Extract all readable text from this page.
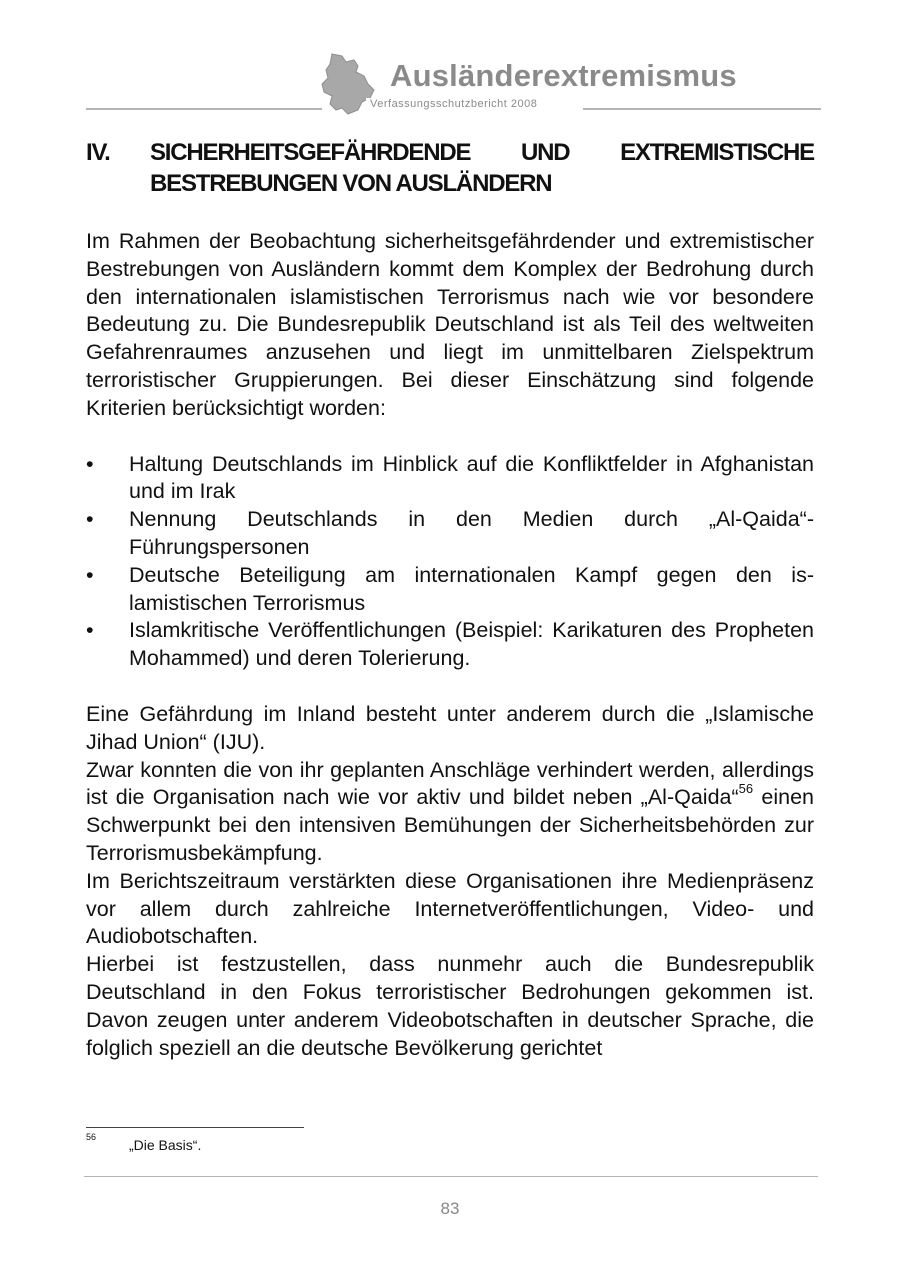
Ausländerextremismus
Verfassungsschutzbericht 2008
IV. SICHERHEITSGEFÄHRDENDE UND EXTREMISTISCHE BESTREBUNGEN VON AUSLÄNDERN

Im Rahmen der Beobachtung sicherheitsgefährdender und extremistischer Bestrebungen von Ausländern kommt dem Komplex der Bedrohung durch den internationalen islamistischen Terrorismus nach wie vor besondere Bedeutung zu. Die Bundesrepublik Deutschland ist als Teil des weltweiten Gefahrenraumes anzusehen und liegt im unmittelbaren Zielspektrum terroristischer Gruppierungen. Bei dieser Einschätzung sind folgende Kriterien berücksichtigt worden:

• Haltung Deutschlands im Hinblick auf die Konfliktfelder in Afghanistan und im Irak
• Nennung Deutschlands in den Medien durch „Al-Qaida“-Führungspersonen
• Deutsche Beteiligung am internationalen Kampf gegen den islamistischen Terrorismus
• Islamkritische Veröffentlichungen (Beispiel: Karikaturen des Propheten Mohammed) und deren Tolerierung.

Eine Gefährdung im Inland besteht unter anderem durch die „Islamische Jihad Union“ (IJU).

Zwar konnten die von ihr geplanten Anschläge verhindert werden, allerdings ist die Organisation nach wie vor aktiv und bildet neben „Al-Qaida“$^{56}$ einen Schwerpunkt bei den intensiven Bemühungen der Sicherheitsbehörden zur Terrorismusbekämpfung.

Im Berichtszeitraum verstärkten diese Organisationen ihre Medienpräsenz vor allem durch zahlreiche Internetveröffentlichungen, Video- und Audiobotschaften.

Hierbei ist festzustellen, dass nunmehr auch die Bundesrepublik Deutschland in den Fokus terroristischer Bedrohungen gekommen ist. Davon zeugen unter anderem Videobotschaften in deutscher Sprache, die folglich speziell an die deutsche Bevölkerung gerichtet

56 „Die Basis“.
83
